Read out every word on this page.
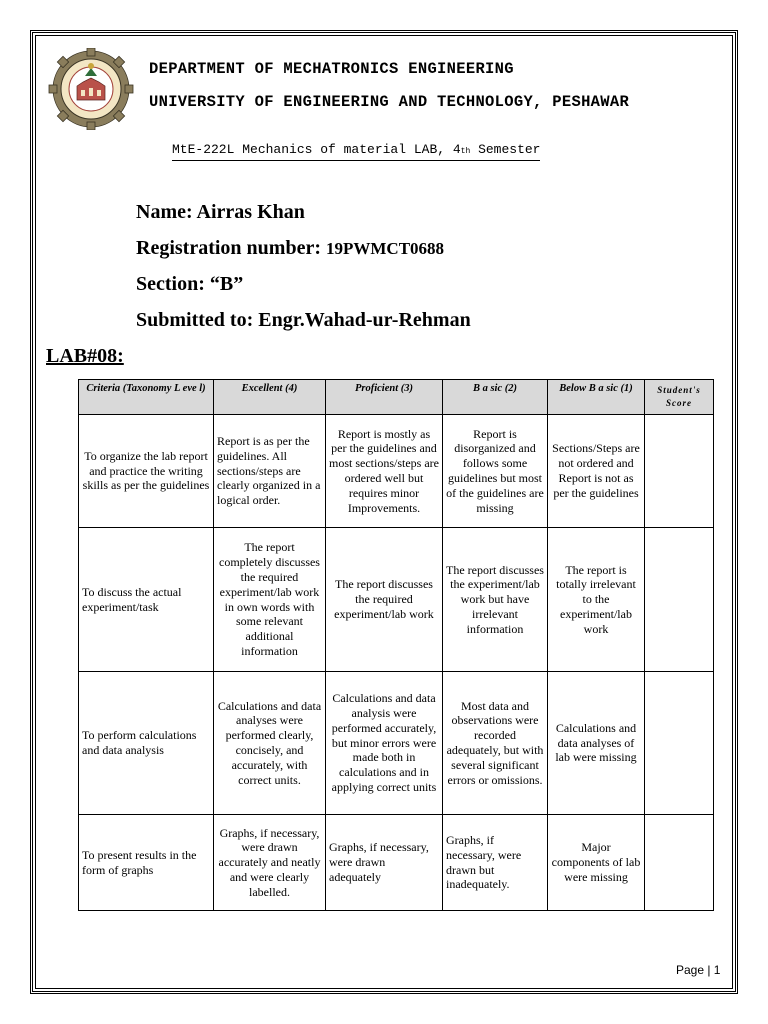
DEPARTMENT OF MECHATRONICS ENGINEERING
UNIVERSITY OF ENGINEERING AND TECHNOLOGY, PESHAWAR
MtE-222L Mechanics of material LAB, 4th Semester
Name: Airras Khan
Registration number: 19PWMCT0688
Section: “B”
Submitted to: Engr.Wahad-ur-Rehman
LAB#08:
Criteria (Taxonomy L eve l)	Excellent (4)	Proficient (3)	B a sic (2)	Below B a sic (1)	Student's Score
To organize the lab report and practice the writing skills as per the guidelines	Report is as per the guidelines. All sections/steps are clearly organized in a logical order.	Report is mostly as per the guidelines and most sections/steps are ordered well but requires minor Improvements.	Report is disorganized and follows some guidelines but most of the guidelines are missing	Sections/Steps are not ordered and Report is not as per the guidelines	
To discuss the actual experiment/task	The report completely discusses the required experiment/lab work in own words with some relevant additional information	The report discusses the required experiment/lab work	The report discusses the experiment/lab work but have irrelevant information	The report is totally irrelevant to the experiment/lab work	
To perform calculations and data analysis	Calculations and data analyses were performed clearly, concisely, and accurately, with correct units.	Calculations and data analysis were performed accurately, but minor errors were made both in calculations and in applying correct units	Most data and observations were recorded adequately, but with several significant errors or omissions.	Calculations and data analyses of lab were missing	
To present results in the form of graphs	Graphs, if necessary, were drawn accurately and neatly and were clearly labelled.	Graphs, if necessary, were drawn adequately	Graphs, if necessary, were drawn but inadequately.	Major components of lab were missing	
Page | 1
